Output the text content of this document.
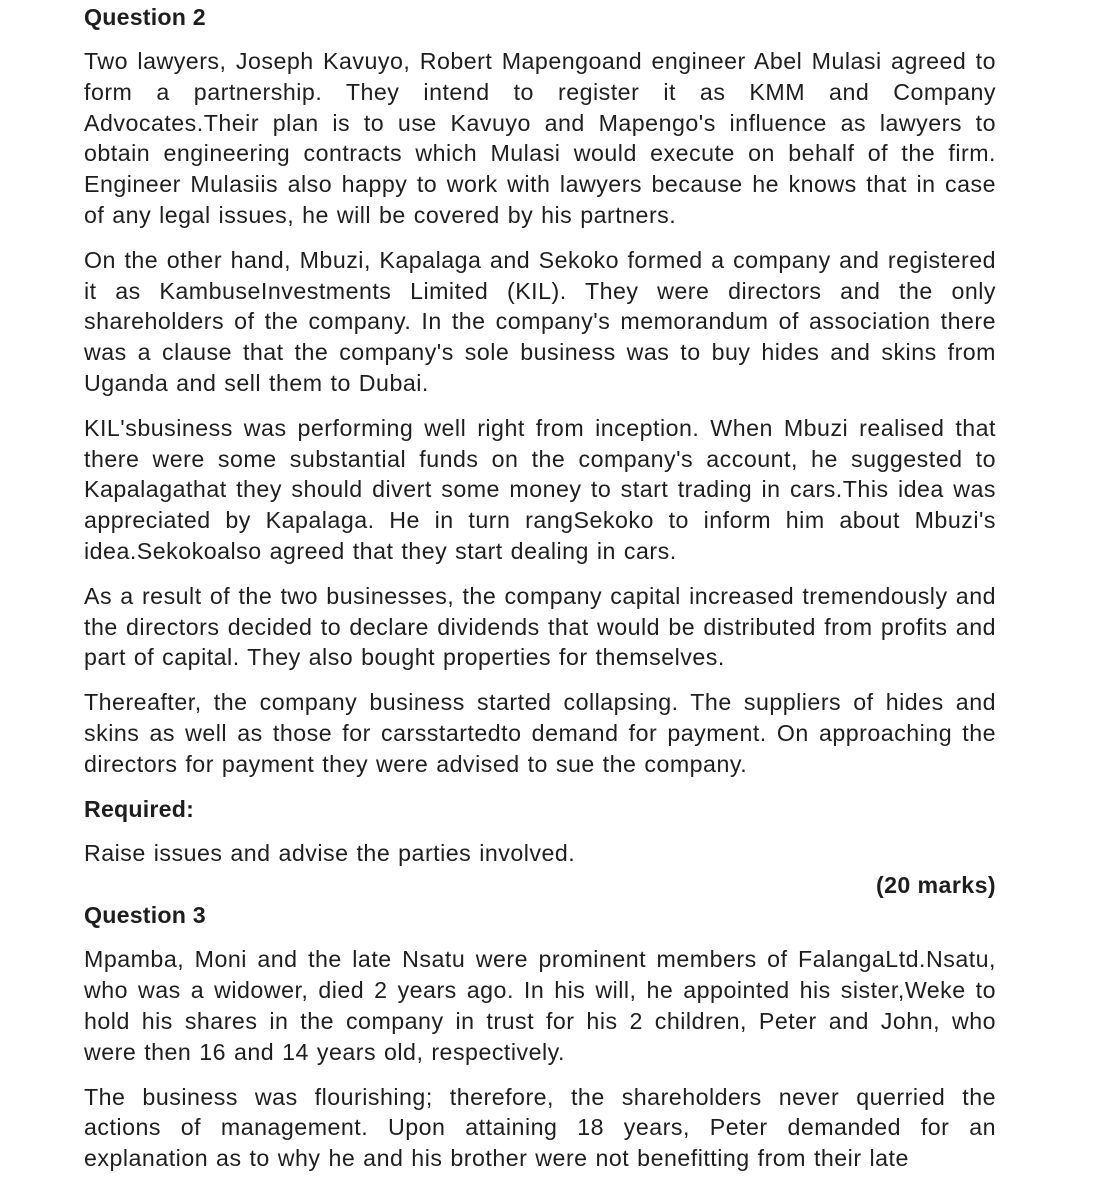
Question 2

Two lawyers, Joseph Kavuyo, Robert Mapengoand engineer Abel Mulasi agreed to form a partnership. They intend to register it as KMM and Company Advocates.Their plan is to use Kavuyo and Mapengo's influence as lawyers to obtain engineering contracts which Mulasi would execute on behalf of the firm. Engineer Mulasiis also happy to work with lawyers because he knows that in case of any legal issues, he will be covered by his partners.

On the other hand, Mbuzi, Kapalaga and Sekoko formed a company and registered it as KambuseInvestments Limited (KIL). They were directors and the only shareholders of the company. In the company's memorandum of association there was a clause that the company's sole business was to buy hides and skins from Uganda and sell them to Dubai.

KIL'sbusiness was performing well right from inception. When Mbuzi realised that there were some substantial funds on the company's account, he suggested to Kapalagathat they should divert some money to start trading in cars.This idea was appreciated by Kapalaga. He in turn rangSekoko to inform him about Mbuzi's idea.Sekokoalso agreed that they start dealing in cars.

As a result of the two businesses, the company capital increased tremendously and the directors decided to declare dividends that would be distributed from profits and part of capital. They also bought properties for themselves.

Thereafter, the company business started collapsing. The suppliers of hides and skins as well as those for carsstartedto demand for payment. On approaching the directors for payment they were advised to sue the company.

Required:

Raise issues and advise the parties involved.

(20 marks)
Question 3

Mpamba, Moni and the late Nsatu were prominent members of FalangaLtd.Nsatu, who was a widower, died 2 years ago. In his will, he appointed his sister,Weke to hold his shares in the company in trust for his 2 children, Peter and John, who were then 16 and 14 years old, respectively.

The business was flourishing; therefore, the shareholders never querried the actions of management. Upon attaining 18 years, Peter demanded for an explanation as to why he and his brother were not benefitting from their late
